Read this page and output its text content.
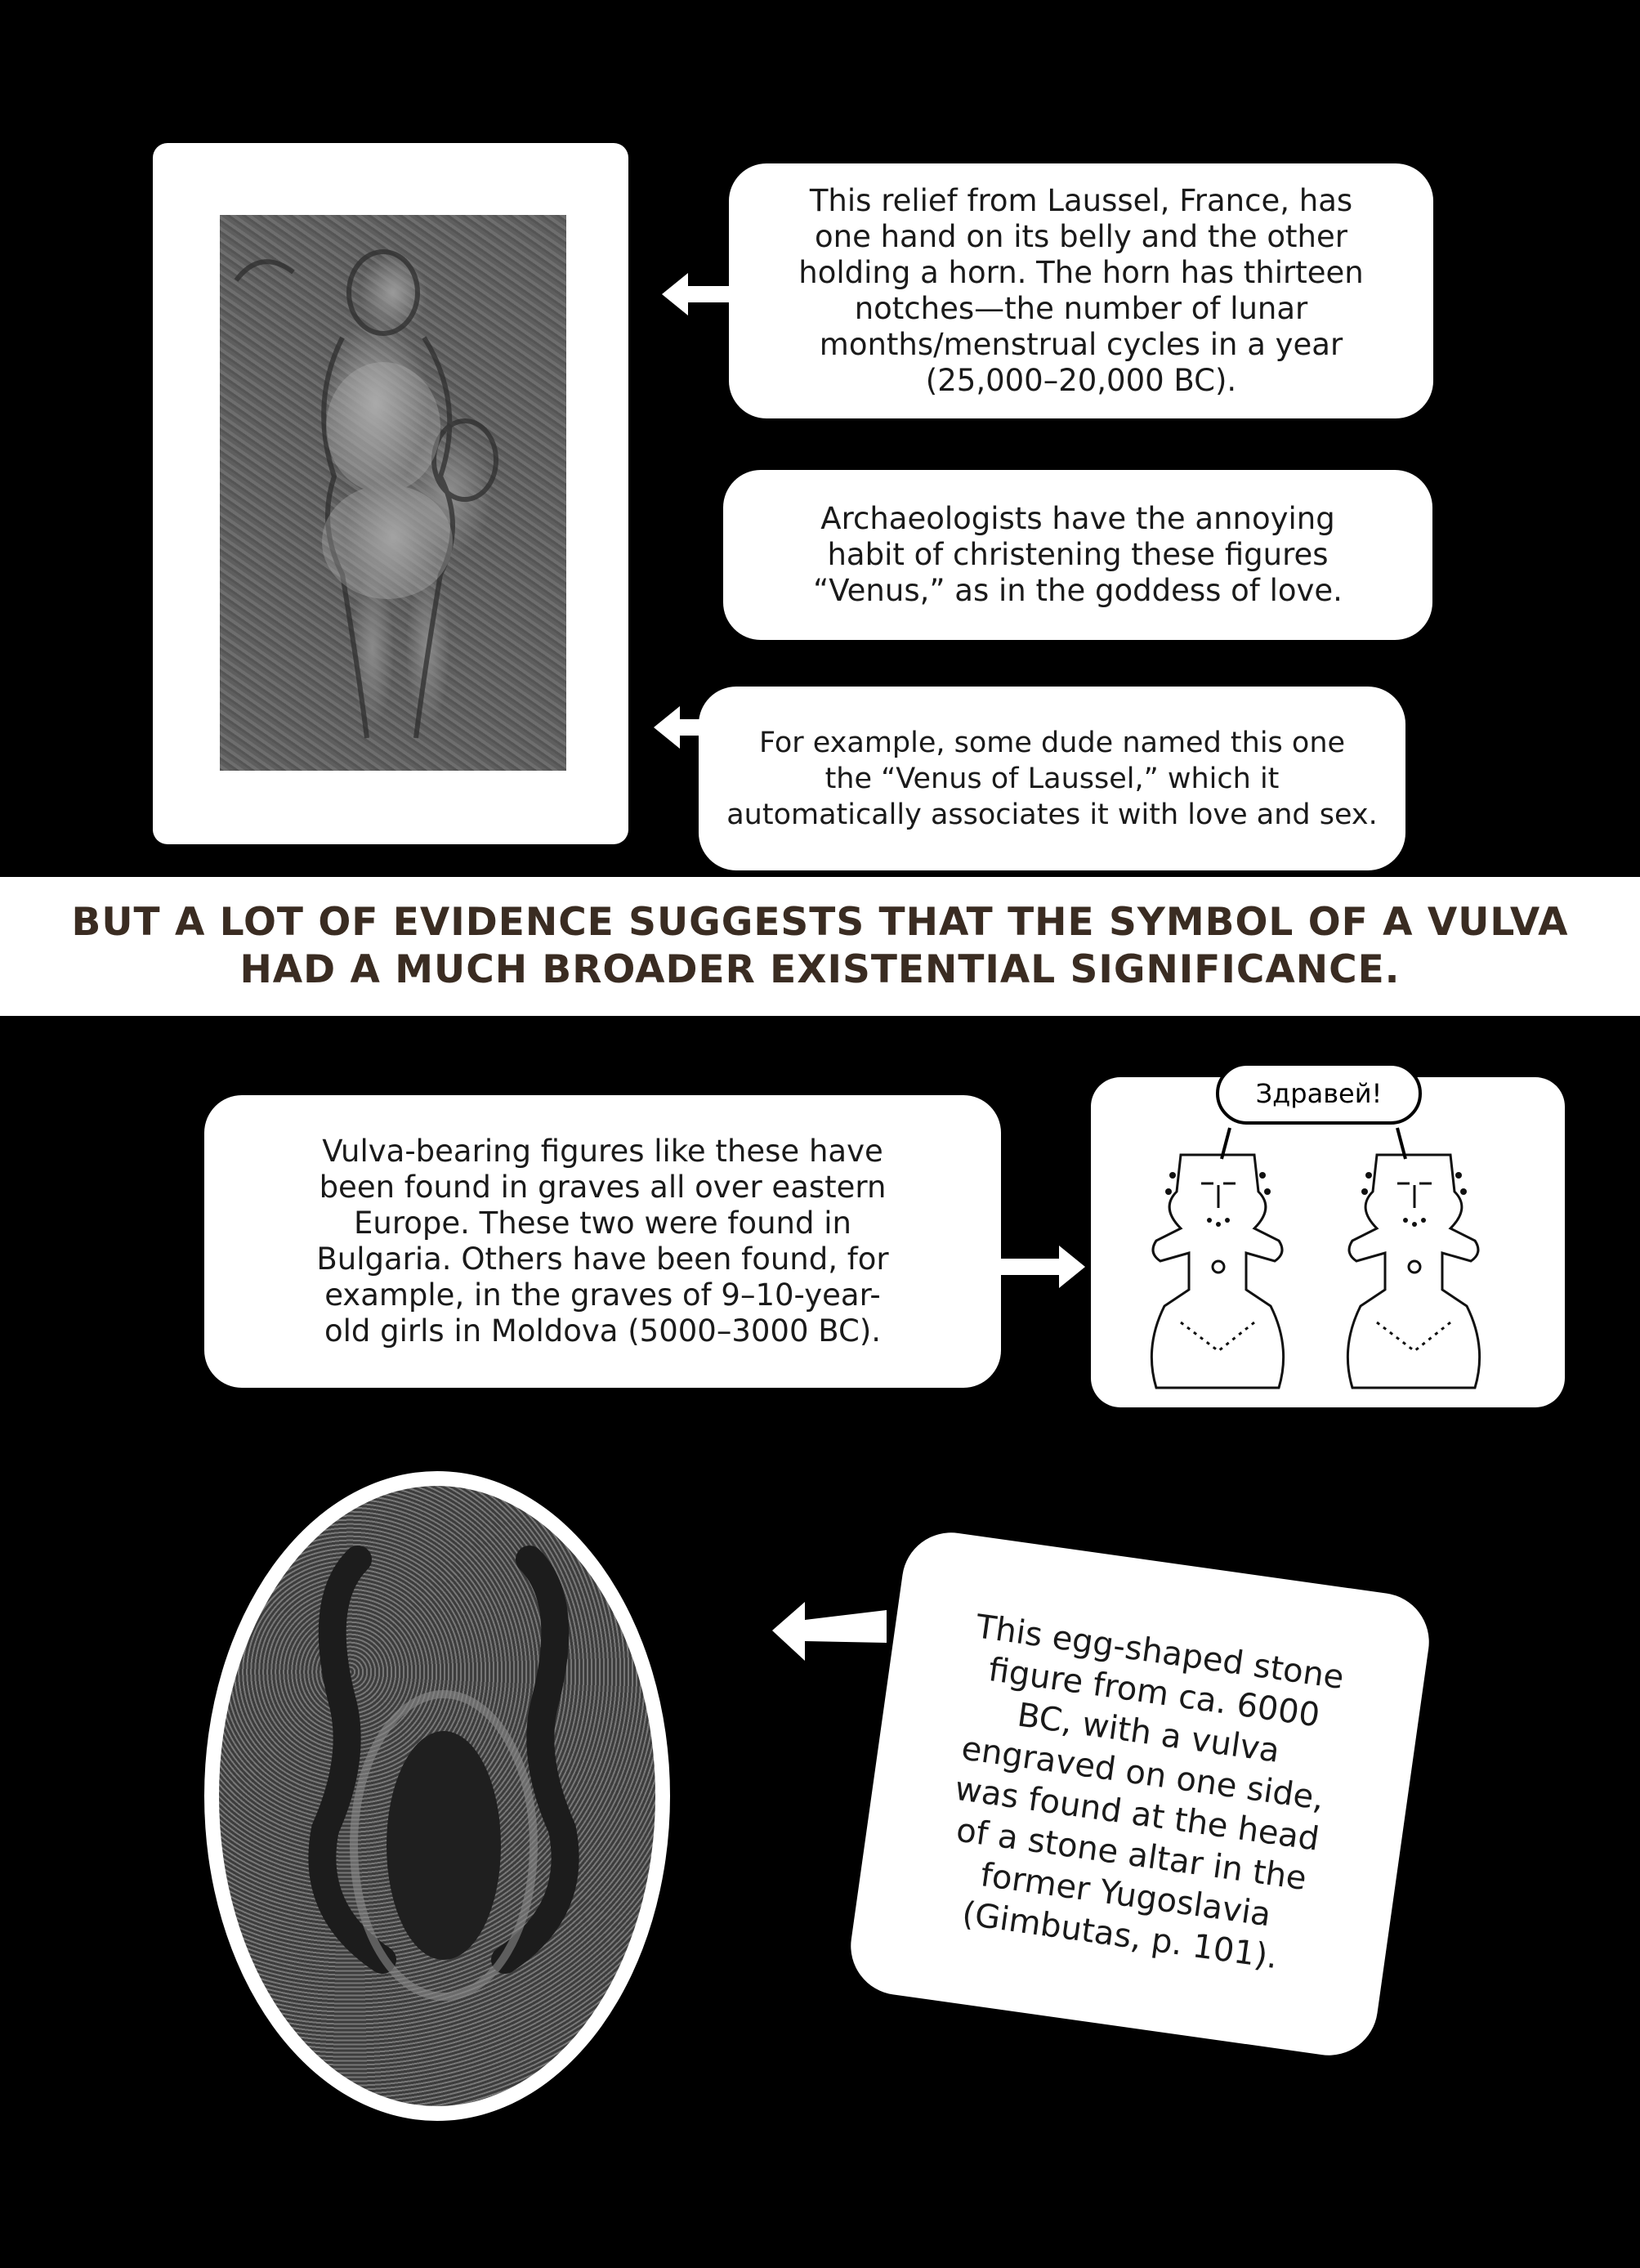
This relief from Laussel, France, has
one hand on its belly and the other
holding a horn. The horn has thirteen
notches—the number of lunar
months/menstrual cycles in a year
(25,000–20,000 BC).
Archaeologists have the annoying
habit of christening these figures
“Venus,” as in the goddess of love.
For example, some dude named this one
the “Venus of Laussel,” which it
automatically associates it with love and sex.
BUT A LOT OF EVIDENCE SUGGESTS THAT THE SYMBOL OF A VULVA
HAD A MUCH BROADER EXISTENTIAL SIGNIFICANCE.
Vulva-bearing figures like these have
been found in graves all over eastern
Europe. These two were found in
Bulgaria. Others have been found, for
example, in the graves of 9–10-year-
old girls in Moldova (5000–3000 BC).
Здравей!
This egg-shaped stone
figure from ca. 6000
BC, with a vulva
engraved on one side,
was found at the head
of a stone altar in the
former Yugoslavia
(Gimbutas, p. 101).
